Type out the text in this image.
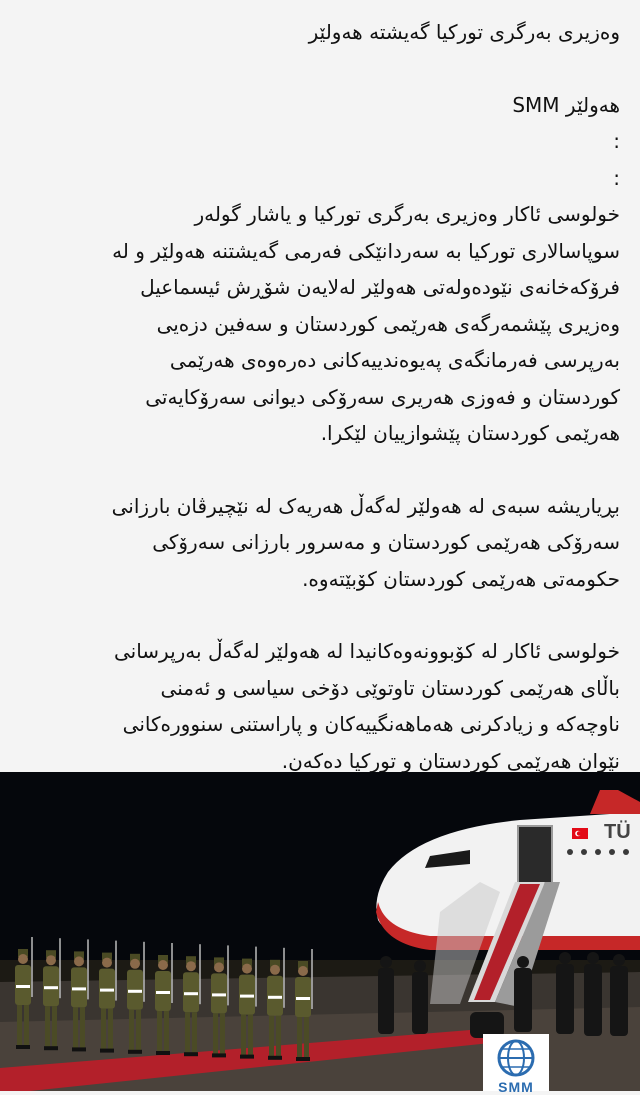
وەزیری بەرگری تورکیا گەیشتە هەولێر
هەولێر SMM
:
:
خولوسی ئاکار وەزیری بەرگری تورکیا و یاشار گولەر
سوپاسالاری تورکیا بە سەردانێکی فەرمی گەیشتنە هەولێر و لە
فرۆکەخانەی نێودەولەتی هەولێر لەلایەن شۆڕش ئیسماعیل
وەزیری پێشمەرگەی هەرێمی کوردستان و سەفین دزەیی
بەرپرسی فەرمانگەی پەیوەندییەکانی دەرەوەی هەرێمی
کوردستان و فەوزی هەریری سەرۆکی دیوانی سەرۆکایەتی
هەرێمی کوردستان پێشوازییان لێکرا.
بڕیاریشە سبەی لە هەولێر لەگەڵ هەریەک لە نێچیرڤان بارزانی
سەرۆکی هەرێمی کوردستان و مەسرور بارزانی سەرۆکی
حکومەتی هەرێمی کوردستان کۆبێتەوە.
خولوسی ئاکار لە کۆبوونەوەکانیدا لە هەولێر لەگەڵ بەرپرسانی
باڵای هەرێمی کوردستان تاوتوێی دۆخی سیاسی و ئەمنی
ناوچەکە و زیادکرنی هەماهەنگییەکان و پاراستنی سنوورەکانی
نێوان هەرێمی کوردستان و تورکیا دەکەن.
TÜ
SMM
